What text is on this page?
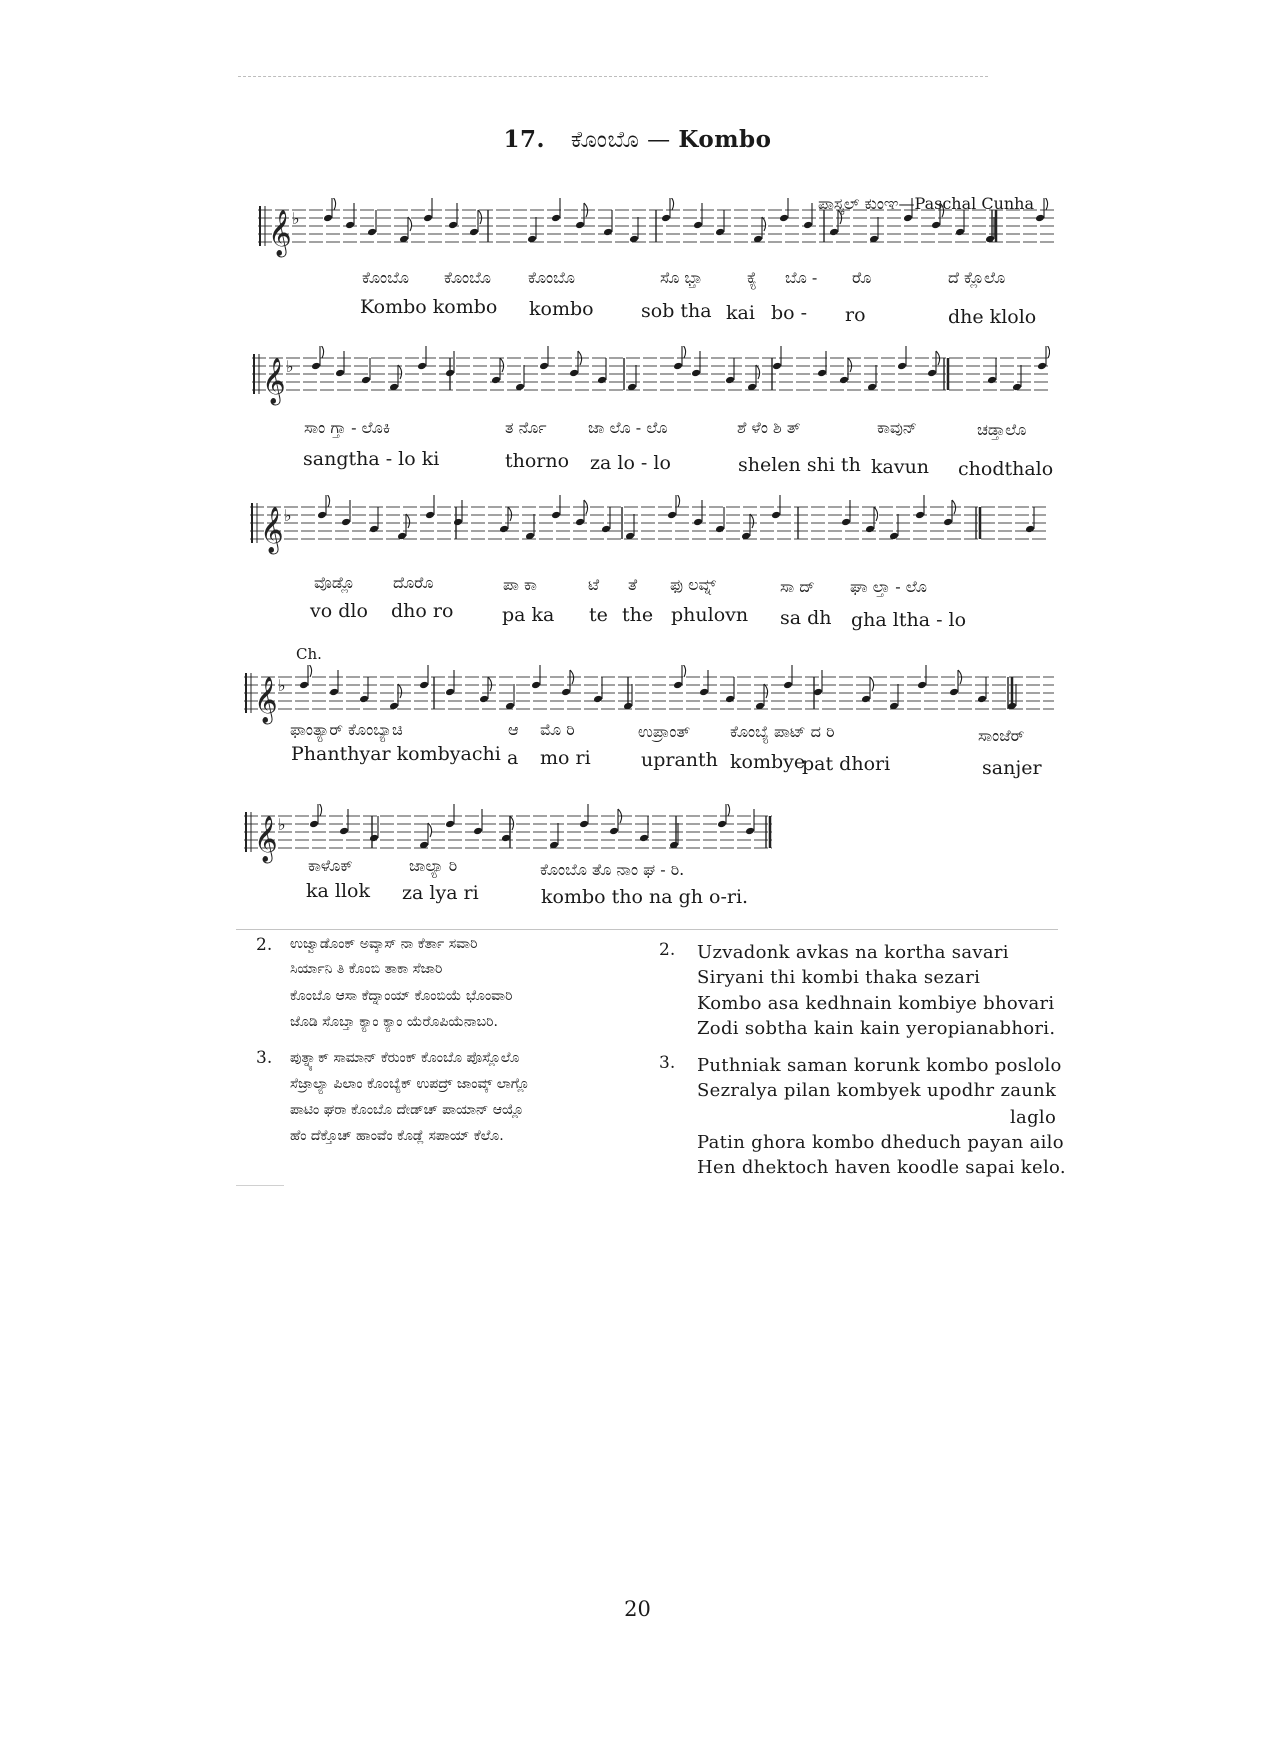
17. ಕೊಂಬೊ — Kombo
ಪಾಸ್ಕಲ್ ಕುಂಞ—Paschal Cunha
𝄞 ♭
𝄞 ♭
𝄞 ♭
𝄞 ♭
𝄞 ♭
Ch.
ಕೊಂಬೊ ಕೊಂಬೊ ಕೊಂಬೊ	ಸೊ ಭ್ತಾ	ಕ್ಯೆ ಬೊ - ರೊ	ದೆ ಕ್ಲೊಲೊ
Kombo kombo kombo sob tha kai bo - ro	dhe klolo
ಸಾಂ ಗ್ತಾ - ಲೊಕಿ	ತ ರ್ನೊ	ಜಾ ಲೊ - ಲೊ	ಶೆ ಳೆಂ ಶಿ ತ್	ಕಾವುನ್	ಚಡ್ತಾಲೊ
sangtha - lo ki	thorno za lo - lo	shelen shi th kavun chodthalo
ವೊಡ್ಲೊ ದೊರೊ	ಪಾ ಕಾ	ಟೆ ತೆ ಫು ಲವ್ನ್	ಸಾ ದ್ ಘಾ ಲ್ತಾ - ಲೊ
vo dlo dho ro	pa ka te the phulovn sa dh gha ltha - lo
ಫಾಂತ್ಯಾರ್ ಕೊಂಬ್ಯಾಚಿ	ಆ ಮೊ ರಿ	ಉಪ್ರಾಂತ್ ಕೊಂಬ್ಯೆ ಪಾಟ್ ದ ರಿ	ಸಾಂಜೆರ್
Phanthyar kombyachi a mo ri	upranth kombye
pat dhori	sanjer
ಕಾಳೊಕ್	ಜಾಲ್ಯಾ ರಿ	ಕೊಂಬೊ ತೊ ನಾಂ ಘ - ರಿ.
ka llok za lya ri	kombo tho na gh o-ri.
2. ಉಜ್ವಾಡೊಂಕ್ ಅವ್ಕಾಸ್ ನಾ ಕೆರ್ತಾ ಸವಾರಿ
ಸಿರ್ಯಾನಿ ತಿ ಕೊಂಬಿ ತಾಕಾ ಸೆಜಾರಿ
ಕೊಂಬೊ ಆಸಾ ಕೆದ್ನಾಂಯ್ ಕೊಂಬಿಯೆ ಭೊಂವಾರಿ
ಜೊಡಿ ಸೊಬ್ತಾ ಕ್ಯಾಂ ಕ್ಯಾಂ ಯೆರೊಪಿಯೆನಾಬರಿ.
3. ಪುತ್ನ್ಯಾಕ್ ಸಾಮಾನ್ ಕೆರುಂಕ್ ಕೊಂಬೊ ಪೊಸ್ಲೊಲೊ
ಸೆಜ್ರಾಲ್ಯಾ ಪಿಲಾಂ ಕೊಂಬ್ಯೆಕ್ ಉಪದ್ರ್ ಜಾಂವ್ಕ್ ಲಾಗ್ಲೊ
ಪಾಟಿಂ ಘರಾ ಕೊಂಬೊ ದೇಡ್‌ಚ್ ಪಾಯಾನ್ ಆಯ್ಲೊ
ಹೆಂ ದೆಕ್ತೊಚ್ ಹಾಂವೆಂ ಕೊಡ್ಲೆ ಸಪಾಯ್ ಕೆಲೊ.
2. Uzvadonk avkas na kortha savari
Siryani thi kombi thaka sezari
Kombo asa kedhnain kombiye bhovari
Zodi sobtha kain kain yeropianabhori.
3. Puthniak saman korunk kombo poslolo
Sezralya pilan kombyek upodhr zaunk
laglo
Patin ghora kombo dheduch payan ailo
Hen dhektoch haven koodle sapai kelo.
20
